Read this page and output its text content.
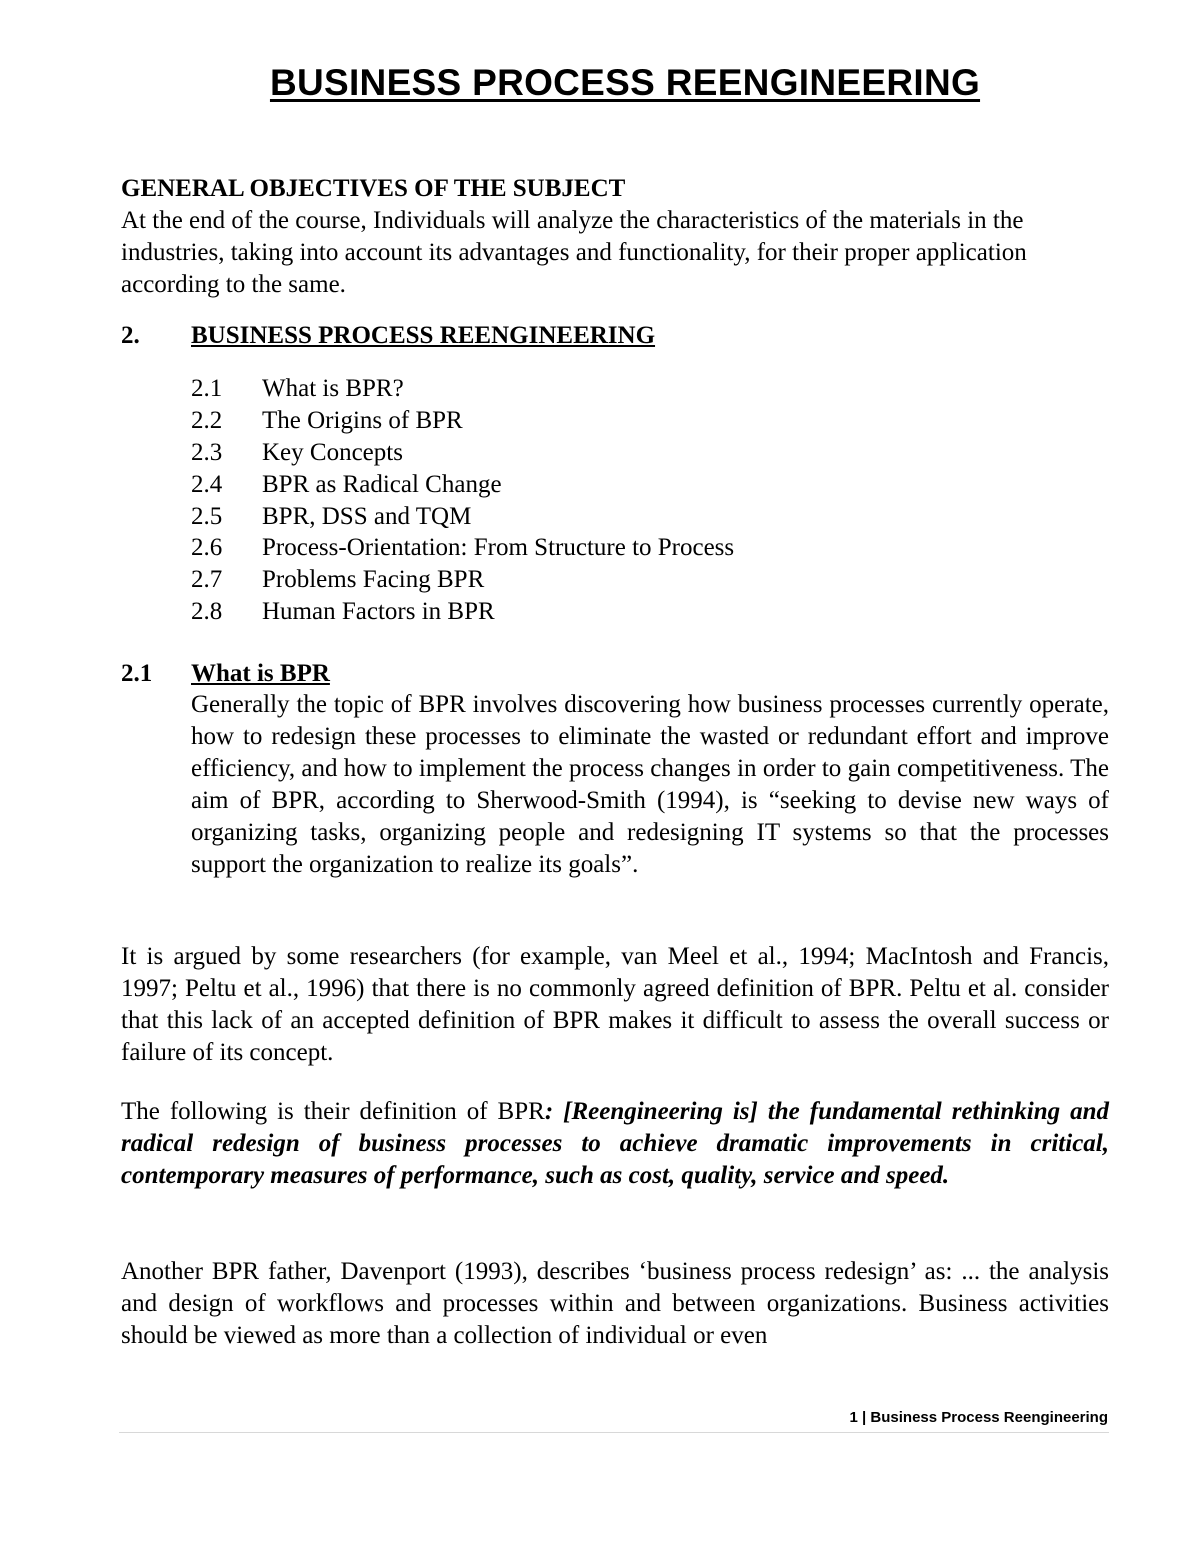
BUSINESS PROCESS REENGINEERING
GENERAL OBJECTIVES OF THE SUBJECT
At the end of the course, Individuals will analyze the characteristics of the materials in the industries, taking into account its advantages and functionality, for their proper application according to the same.
2. BUSINESS PROCESS REENGINEERING
2.1 What is BPR?
2.2 The Origins of BPR
2.3 Key Concepts
2.4 BPR as Radical Change
2.5 BPR, DSS and TQM
2.6 Process-Orientation: From Structure to Process
2.7 Problems Facing BPR
2.8 Human Factors in BPR
2.1 What is BPR
Generally the topic of BPR involves discovering how business processes currently operate, how to redesign these processes to eliminate the wasted or redundant effort and improve efficiency, and how to implement the process changes in order to gain competitiveness. The aim of BPR, according to Sherwood-Smith (1994), is “seeking to devise new ways of organizing tasks, organizing people and redesigning IT systems so that the processes support the organization to realize its goals”.
It is argued by some researchers (for example, van Meel et al., 1994; MacIntosh and Francis, 1997; Peltu et al., 1996) that there is no commonly agreed definition of BPR. Peltu et al. consider that this lack of an accepted definition of BPR makes it difficult to assess the overall success or failure of its concept.
The following is their definition of BPR: [Reengineering is] the fundamental rethinking and radical redesign of business processes to achieve dramatic improvements in critical, contemporary measures of performance, such as cost, quality, service and speed.
Another BPR father, Davenport (1993), describes ‘business process redesign’ as: ... the analysis and design of workflows and processes within and between organizations. Business activities should be viewed as more than a collection of individual or even
1 | Business Process Reengineering
